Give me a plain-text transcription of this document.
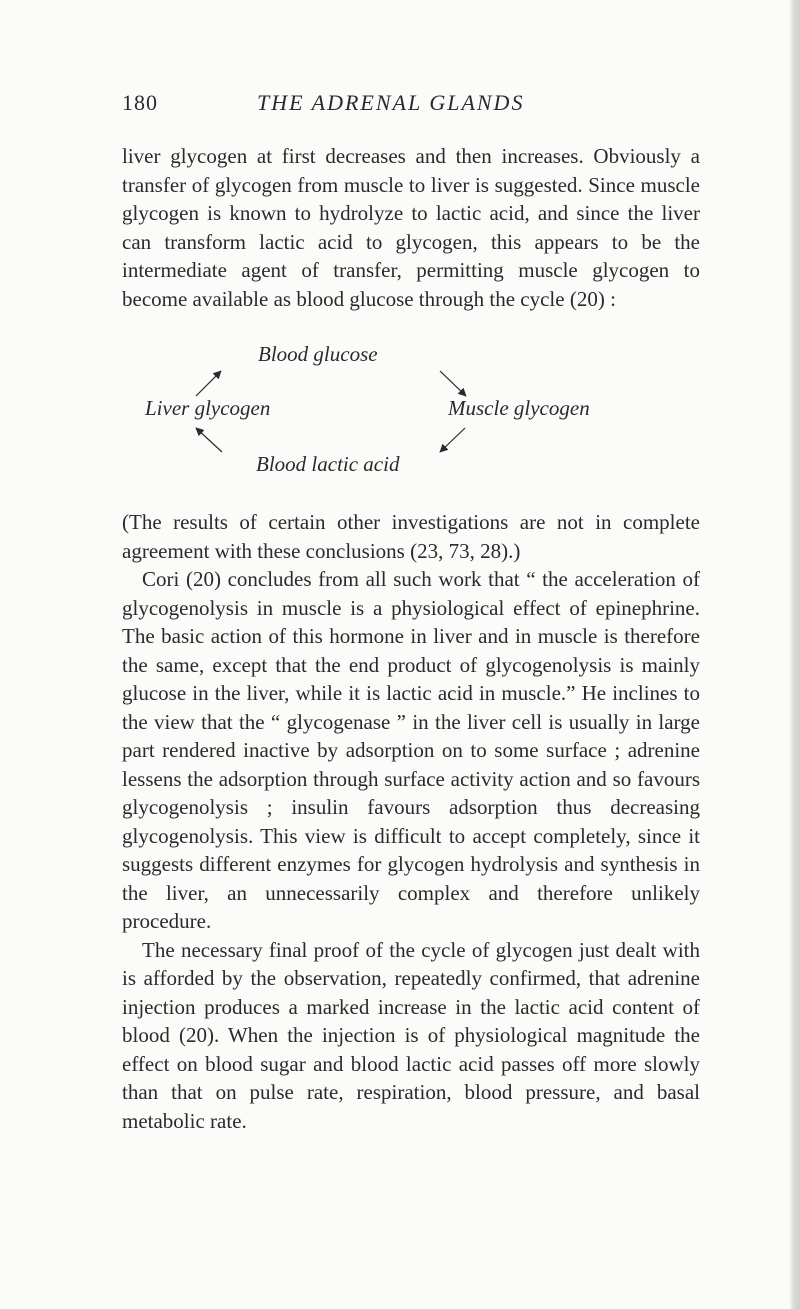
180	THE ADRENAL GLANDS

liver glycogen at first decreases and then increases. Obviously a transfer of glycogen from muscle to liver is suggested. Since muscle glycogen is known to hydrolyze to lactic acid, and since the liver can transform lactic acid to glycogen, this appears to be the intermediate agent of transfer, permitting muscle glycogen to become available as blood glucose through the cycle (20) :

Blood glucose
Liver glycogen	Muscle glycogen
Blood lactic acid

(The results of certain other investigations are not in complete agreement with these conclusions (23, 73, 28).)

Cori (20) concludes from all such work that “ the acceleration of glycogenolysis in muscle is a physiological effect of epinephrine. The basic action of this hormone in liver and in muscle is therefore the same, except that the end product of glycogenolysis is mainly glucose in the liver, while it is lactic acid in muscle.” He inclines to the view that the “ glycogenase ” in the liver cell is usually in large part rendered inactive by adsorption on to some surface ; adrenine lessens the adsorption through surface activity action and so favours glycogenolysis ; insulin favours adsorption thus decreasing glycogenolysis. This view is difficult to accept completely, since it suggests different enzymes for glycogen hydrolysis and synthesis in the liver, an unnecessarily complex and therefore unlikely procedure.

The necessary final proof of the cycle of glycogen just dealt with is afforded by the observation, repeatedly confirmed, that adrenine injection produces a marked increase in the lactic acid content of blood (20). When the injection is of physiological magnitude the effect on blood sugar and blood lactic acid passes off more slowly than that on pulse rate, respiration, blood pressure, and basal metabolic rate.
